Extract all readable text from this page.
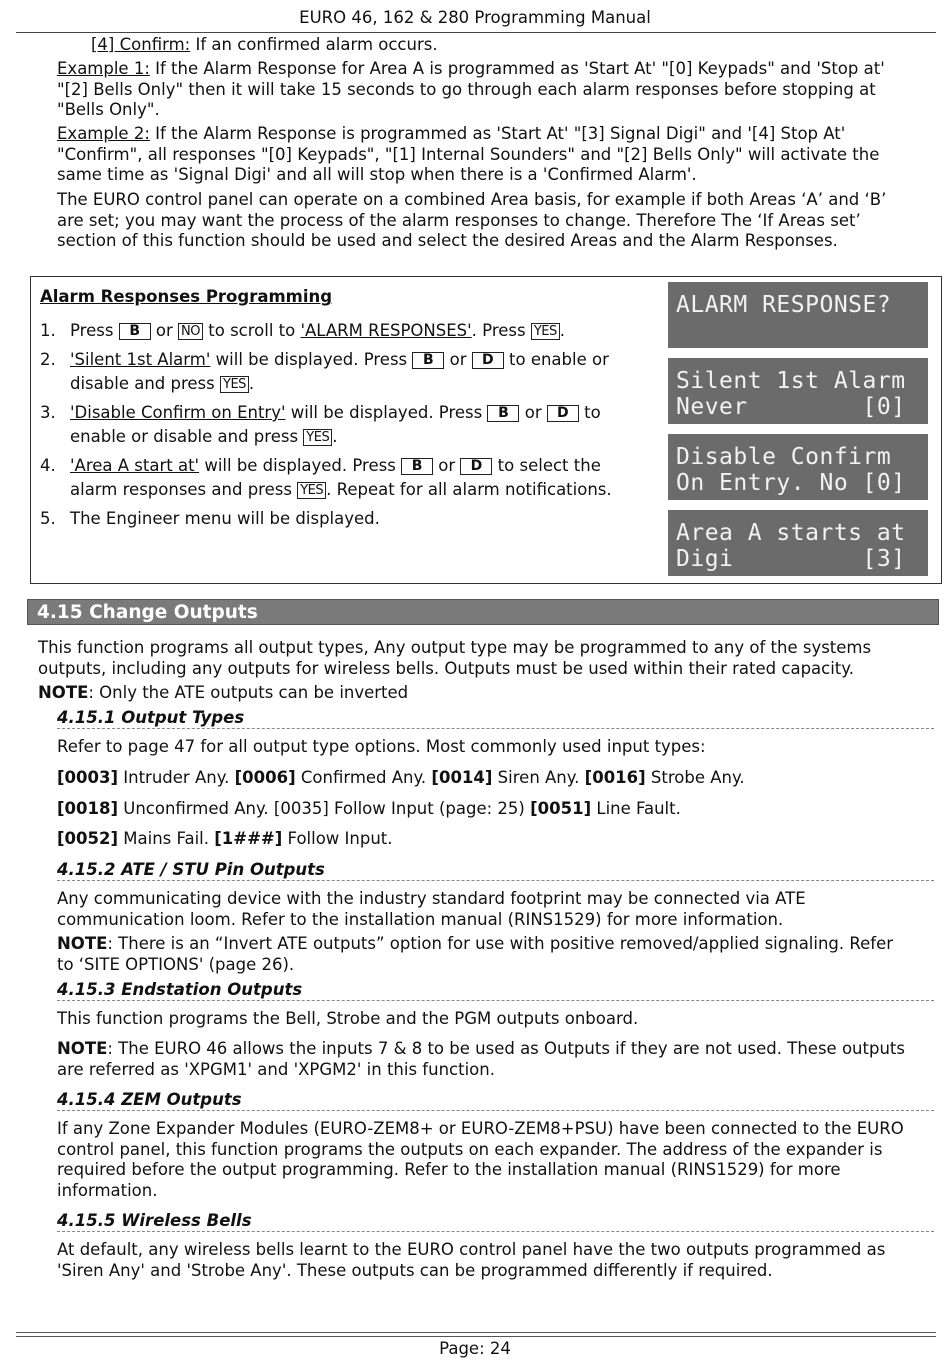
EURO 46, 162 & 280 Programming Manual

[4] Confirm: If an confirmed alarm occurs.

Example 1: If the Alarm Response for Area A is programmed as 'Start At' "[0] Keypads" and 'Stop at' "[2] Bells Only" then it will take 15 seconds to go through each alarm responses before stopping at "Bells Only".

Example 2: If the Alarm Response is programmed as 'Start At' "[3] Signal Digi" and '[4] Stop At' "Confirm", all responses "[0] Keypads", "[1] Internal Sounders" and "[2] Bells Only" will activate the same time as 'Signal Digi' and all will stop when there is a 'Confirmed Alarm'.

The EURO control panel can operate on a combined Area basis, for example if both Areas ‘A’ and ‘B’ are set; you may want the process of the alarm responses to change. Therefore The ‘If Areas set’ section of this function should be used and select the desired Areas and the Alarm Responses.

Alarm Responses Programming
1. Press B or NO to scroll to 'ALARM RESPONSES'. Press YES .
2. 'Silent 1st Alarm' will be displayed. Press B or D to enable or disable and press YES .
3. 'Disable Confirm on Entry' will be displayed. Press B or D to enable or disable and press YES .
4. 'Area A start at' will be displayed. Press B or D to select the alarm responses and press YES . Repeat for all alarm notifications.
5. The Engineer menu will be displayed.
ALARM RESPONSE?
Silent 1st Alarm
Never        [0]
Disable Confirm
On Entry. No [0]
Area A starts at
Digi         [3]
4.15 Change Outputs

This function programs all output types, Any output type may be programmed to any of the systems outputs, including any outputs for wireless bells. Outputs must be used within their rated capacity.

NOTE: Only the ATE outputs can be inverted

4.15.1 Output Types

Refer to page 47 for all output type options. Most commonly used input types:

[0003] Intruder Any. [0006] Confirmed Any. [0014] Siren Any. [0016] Strobe Any.

[0018] Unconfirmed Any. [0035] Follow Input (page: 25) [0051] Line Fault.

[0052] Mains Fail. [1###] Follow Input.

4.15.2 ATE / STU Pin Outputs

Any communicating device with the industry standard footprint may be connected via ATE communication loom. Refer to the installation manual (RINS1529) for more information.

NOTE: There is an “Invert ATE outputs” option for use with positive removed/applied signaling. Refer to ‘SITE OPTIONS' (page 26).

4.15.3 Endstation Outputs

This function programs the Bell, Strobe and the PGM outputs onboard.

NOTE: The EURO 46 allows the inputs 7 & 8 to be used as Outputs if they are not used. These outputs are referred as 'XPGM1' and 'XPGM2' in this function.

4.15.4 ZEM Outputs

If any Zone Expander Modules (EURO-ZEM8+ or EURO-ZEM8+PSU) have been connected to the EURO control panel, this function programs the outputs on each expander. The address of the expander is required before the output programming. Refer to the installation manual (RINS1529) for more information.

4.15.5 Wireless Bells

At default, any wireless bells learnt to the EURO control panel have the two outputs programmed as 'Siren Any' and 'Strobe Any'. These outputs can be programmed differently if required.

Page: 24
